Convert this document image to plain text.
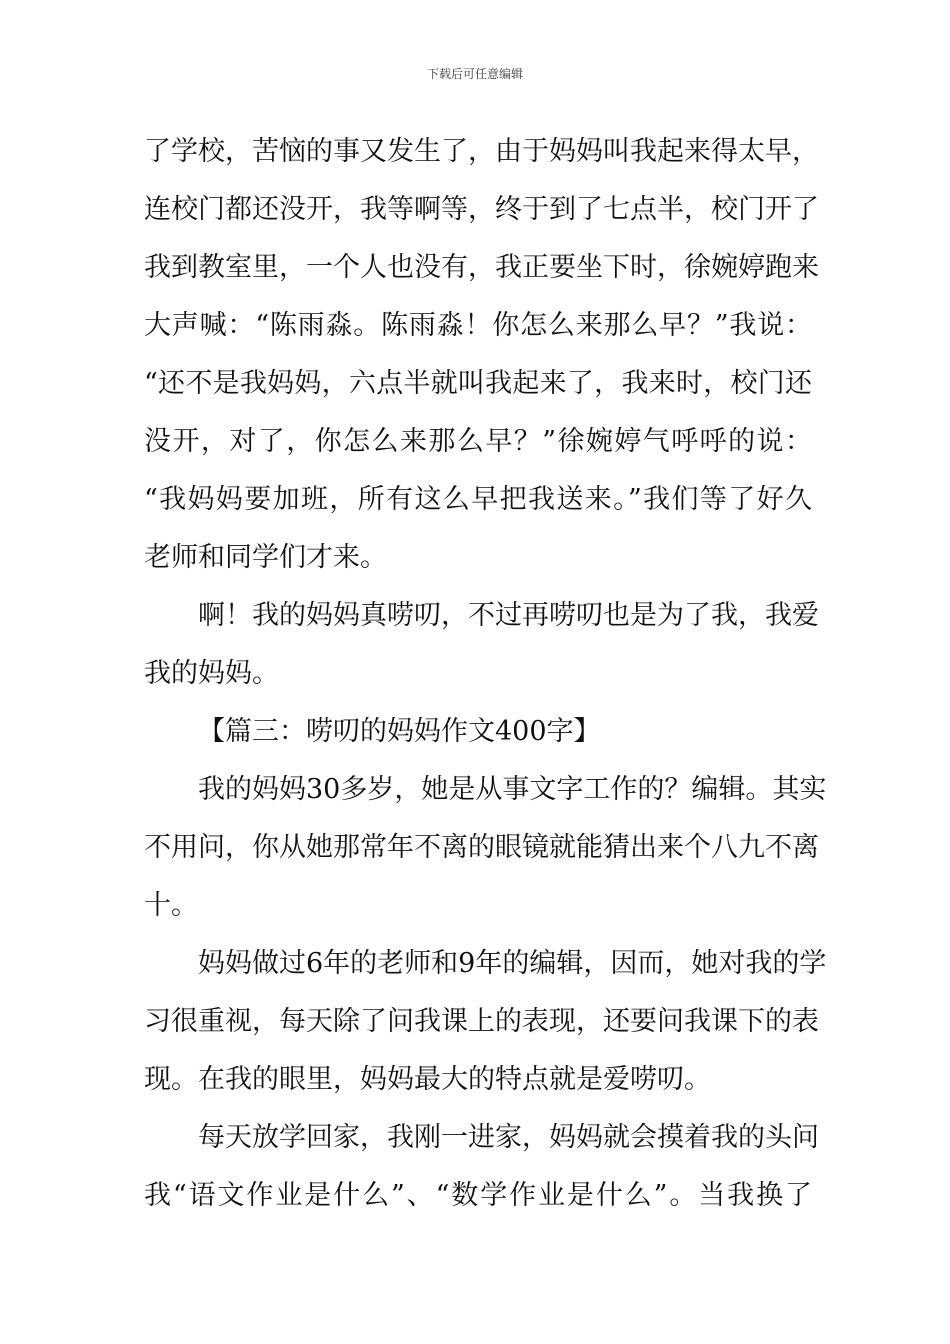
下载后可任意编辑
了学校，苦恼的事又发生了，由于妈妈叫我起来得太早，
连校门都还没开，我等啊等，终于到了七点半，校门开了
我到教室里，一个人也没有，我正要坐下时，徐婉婷跑来
大声喊：“陈雨淼。陈雨淼！你怎么来那么早？”我说：
“还不是我妈妈，六点半就叫我起来了，我来时，校门还
没开，对了，你怎么来那么早？”徐婉婷气呼呼的说：
“我妈妈要加班，所有这么早把我送来。”我们等了好久
老师和同学们才来。
啊！我的妈妈真唠叨，不过再唠叨也是为了我，我爱
我的妈妈。
【篇三：唠叨的妈妈作文400字】
我的妈妈30多岁，她是从事文字工作的？编辑。其实
不用问，你从她那常年不离的眼镜就能猜出来个八九不离
十。
妈妈做过6年的老师和9年的编辑，因而，她对我的学
习很重视，每天除了问我课上的表现，还要问我课下的表
现。在我的眼里，妈妈最大的特点就是爱唠叨。
每天放学回家，我刚一进家，妈妈就会摸着我的头问
我“语文作业是什么”、“数学作业是什么”。当我换了
